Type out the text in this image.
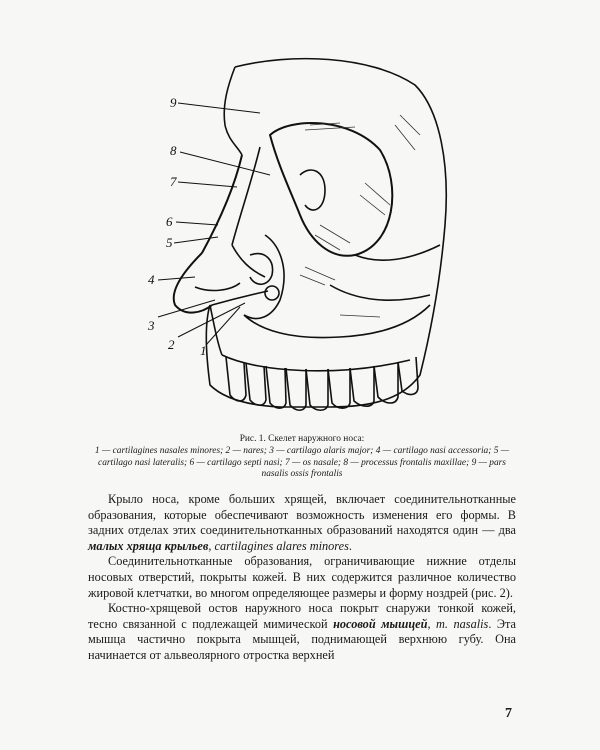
9
8
7
6
5
4
3
2 1
Рис. 1. Скелет наружного носа:
1 — cartilagines nasales minores; 2 — nares; 3 — cartilago alaris major; 4 — cartilago nasi accessoria; 5 — cartilago nasi lateralis; 6 — cartilago septi nasi; 7 — os nasale; 8 — processus frontalis maxillae; 9 — pars nasalis ossis frontalis

Крыло носа, кроме больших хрящей, включает соединительнотканные образования, которые обеспечивают возможность изменения его формы. В задних отделах этих соединительнотканных образований находятся один — два малых хряща крыльев, cartilagines alares minores.

Соединительнотканные образования, ограничивающие нижние отделы носовых отверстий, покрыты кожей. В них содержится различное количество жировой клетчатки, во многом определяющее размеры и форму ноздрей (рис. 2).

Костно-хрящевой остов наружного носа покрыт снаружи тонкой кожей, тесно связанной с подлежащей мимической носовой мышцей, m. nasalis. Эта мышца частично покрыта мышцей, поднимающей верхнюю губу. Она начинается от альвеолярного отростка верхней

7
